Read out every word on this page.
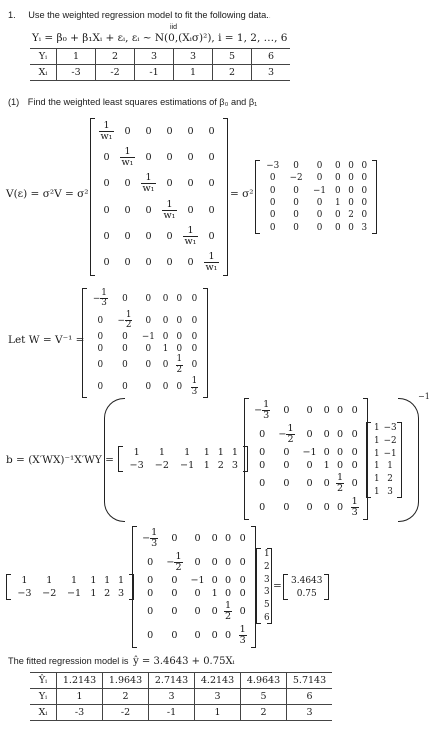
1. Use the weighted regression model to fit the following data..
iid
Yᵢ = β₀ + β₁Xᵢ + εᵢ, εᵢ ~ N(0,(Xᵢσ)²), i = 1, 2, …, 6
Yᵢ	1	2	3	3	5	6
Xᵢ	-3	-2	-1	1	2	3
(1) Find the weighted least squares estimations of β₀ and β₁
V(ε) = σ²V = σ²
$\frac{1}{\text{w₁}}$	0	0	0	0	0
0	$\frac{1}{\text{w₁}}$	0	0	0	0
0	0	$\frac{1}{\text{w₁}}$	0	0	0
0	0	0	$\frac{1}{\text{w₁}}$	0	0
0	0	0	0	$\frac{1}{\text{w₁}}$	0
0	0	0	0	0	$\frac{1}{\text{w₁}}$
= σ²
−3	0	0	0	0	0
0	−2	0	0	0	0
0	0	−1	0	0	0
0	0	0	1	0	0
0	0	0	0	2	0
0	0	0	0	0	3
Let W = V⁻¹ =
− $\frac{1}{3}$	0	0	0	0	0
0	− $\frac{1}{2}$	0	0	0	0
0	0	−1	0	0	0
0	0	0	1	0	0
0	0	0	0	$\frac{1}{2}$	0
0	0	0	0	0	$\frac{1}{3}$
b = (X′WX)⁻¹X′WY =
1	1	1	1	1	1
−3	−2	−1	1	2	3
− $\frac{1}{3}$	0	0	0	0	0
0	− $\frac{1}{2}$	0	0	0	0
0	0	−1	0	0	0
0	0	0	1	0	0
0	0	0	0	$\frac{1}{2}$	0
0	0	0	0	0	$\frac{1}{3}$
1	−3
1	−2
1	−1
1	1
1	2
1	3
−1
1	1	1	1	1	1
−3	−2	−1	1	2	3
− $\frac{1}{3}$	0	0	0	0	0
0	− $\frac{1}{2}$	0	0	0	0
0	0	−1	0	0	0
0	0	0	1	0	0
0	0	0	0	$\frac{1}{2}$	0
0	0	0	0	0	$\frac{1}{3}$
1
2
3
3
5
6
= 3.4643
0.75
The fitted regression model is ŷ = 3.4643 + 0.75Xᵢ
Ŷᵢ	1.2143	1.9643	2.7143	4.2143	4.9643	5.7143
Yᵢ	1	2	3	3	5	6
Xᵢ	-3	-2	-1	1	2	3
